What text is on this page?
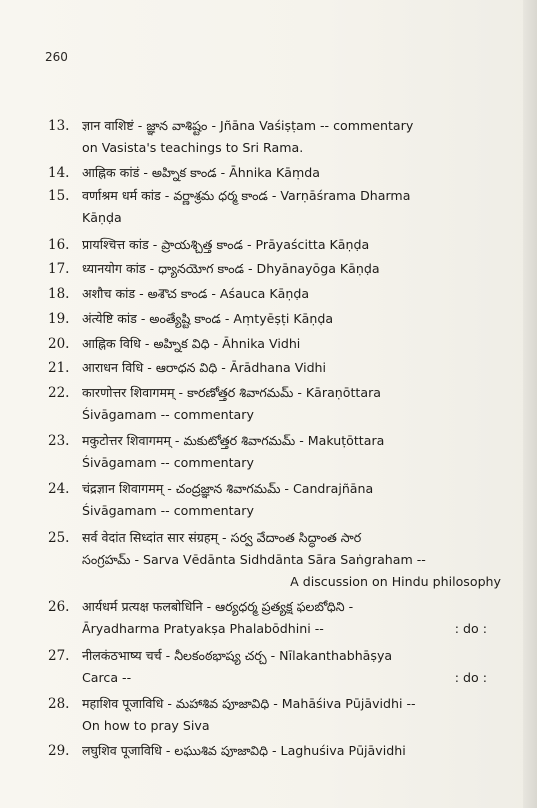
260
13. ज्ञान वाशिष्टं - జ్ఞాన వాశిష్టం - Jñāna Vaśiṣṭam -- commentary
on Vasista's teachings to Sri Rama.
14. आह्निक कांडं - అహ్నిక కాండ - Āhnika Kāṃda
15. वर्णाश्रम धर्म कांड - వర్ణాశ్రమ ధర్మ కాండ - Varṇāśrama Dharma
Kāṇḍa
16. प्रायश्चित्त कांड - ప్రాయశ్చిత్త కాండ - Prāyaścitta Kāṇḍa
17. ध्यानयोग कांड - ధ్యానయోగ కాండ - Dhyānayōga Kāṇḍa
18. अशौच कांड - అశౌచ కాండ - Aśauca Kāṇḍa
19. अंत्येष्टि कांड - అంత్యేష్టి కాండ - Aṃtyēṣṭi Kāṇḍa
20. आह्निक विधि - అహ్నిక విధి - Āhnika Vidhi
21. आराधन विधि - ఆరాధన విధి - Ārādhana Vidhi
22. कारणोत्तर शिवागमम् - కారణోత్తర శివాగమమ్ - Kāraṇōttara
Śivāgamam -- commentary
23. मकुटोत्तर शिवागमम् - మకుటోత్తర శివాగమమ్ - Makuṭōttara
Śivāgamam -- commentary
24. चंद्रज्ञान शिवागमम् - చంద్రజ్ఞాన శివాగమమ్ - Candrajñāna
Śivāgamam -- commentary
25. सर्व वेदांत सिध्दांत सार संग्रहम् - సర్వ వేదాంత సిద్ధాంత సార
సంగ్రహమ్ - Sarva Vēdānta Sidhdānta Sāra Saṅgraham --
A discussion on Hindu philosophy
26. आर्यधर्म प्रत्यक्ष फलबोधिनि - ఆర్యధర్మ ప్రత్యక్ష ఫలబోధిని -
Āryadharma Pratyakṣa Phalabōdhini --	: do :
27. नीलकंठभाष्य चर्च - నీలకంఠభాష్య చర్చ - Nīlakanthabhāṣya
Carca --	: do :
28. महाशिव पूजाविधि - మహాశివ పూజావిధి - Mahāśiva Pūjāvidhi --
On how to pray Siva
29. लघुशिव पूजाविधि - లఘుశివ పూజావిధి - Laghuśiva Pūjāvidhi
